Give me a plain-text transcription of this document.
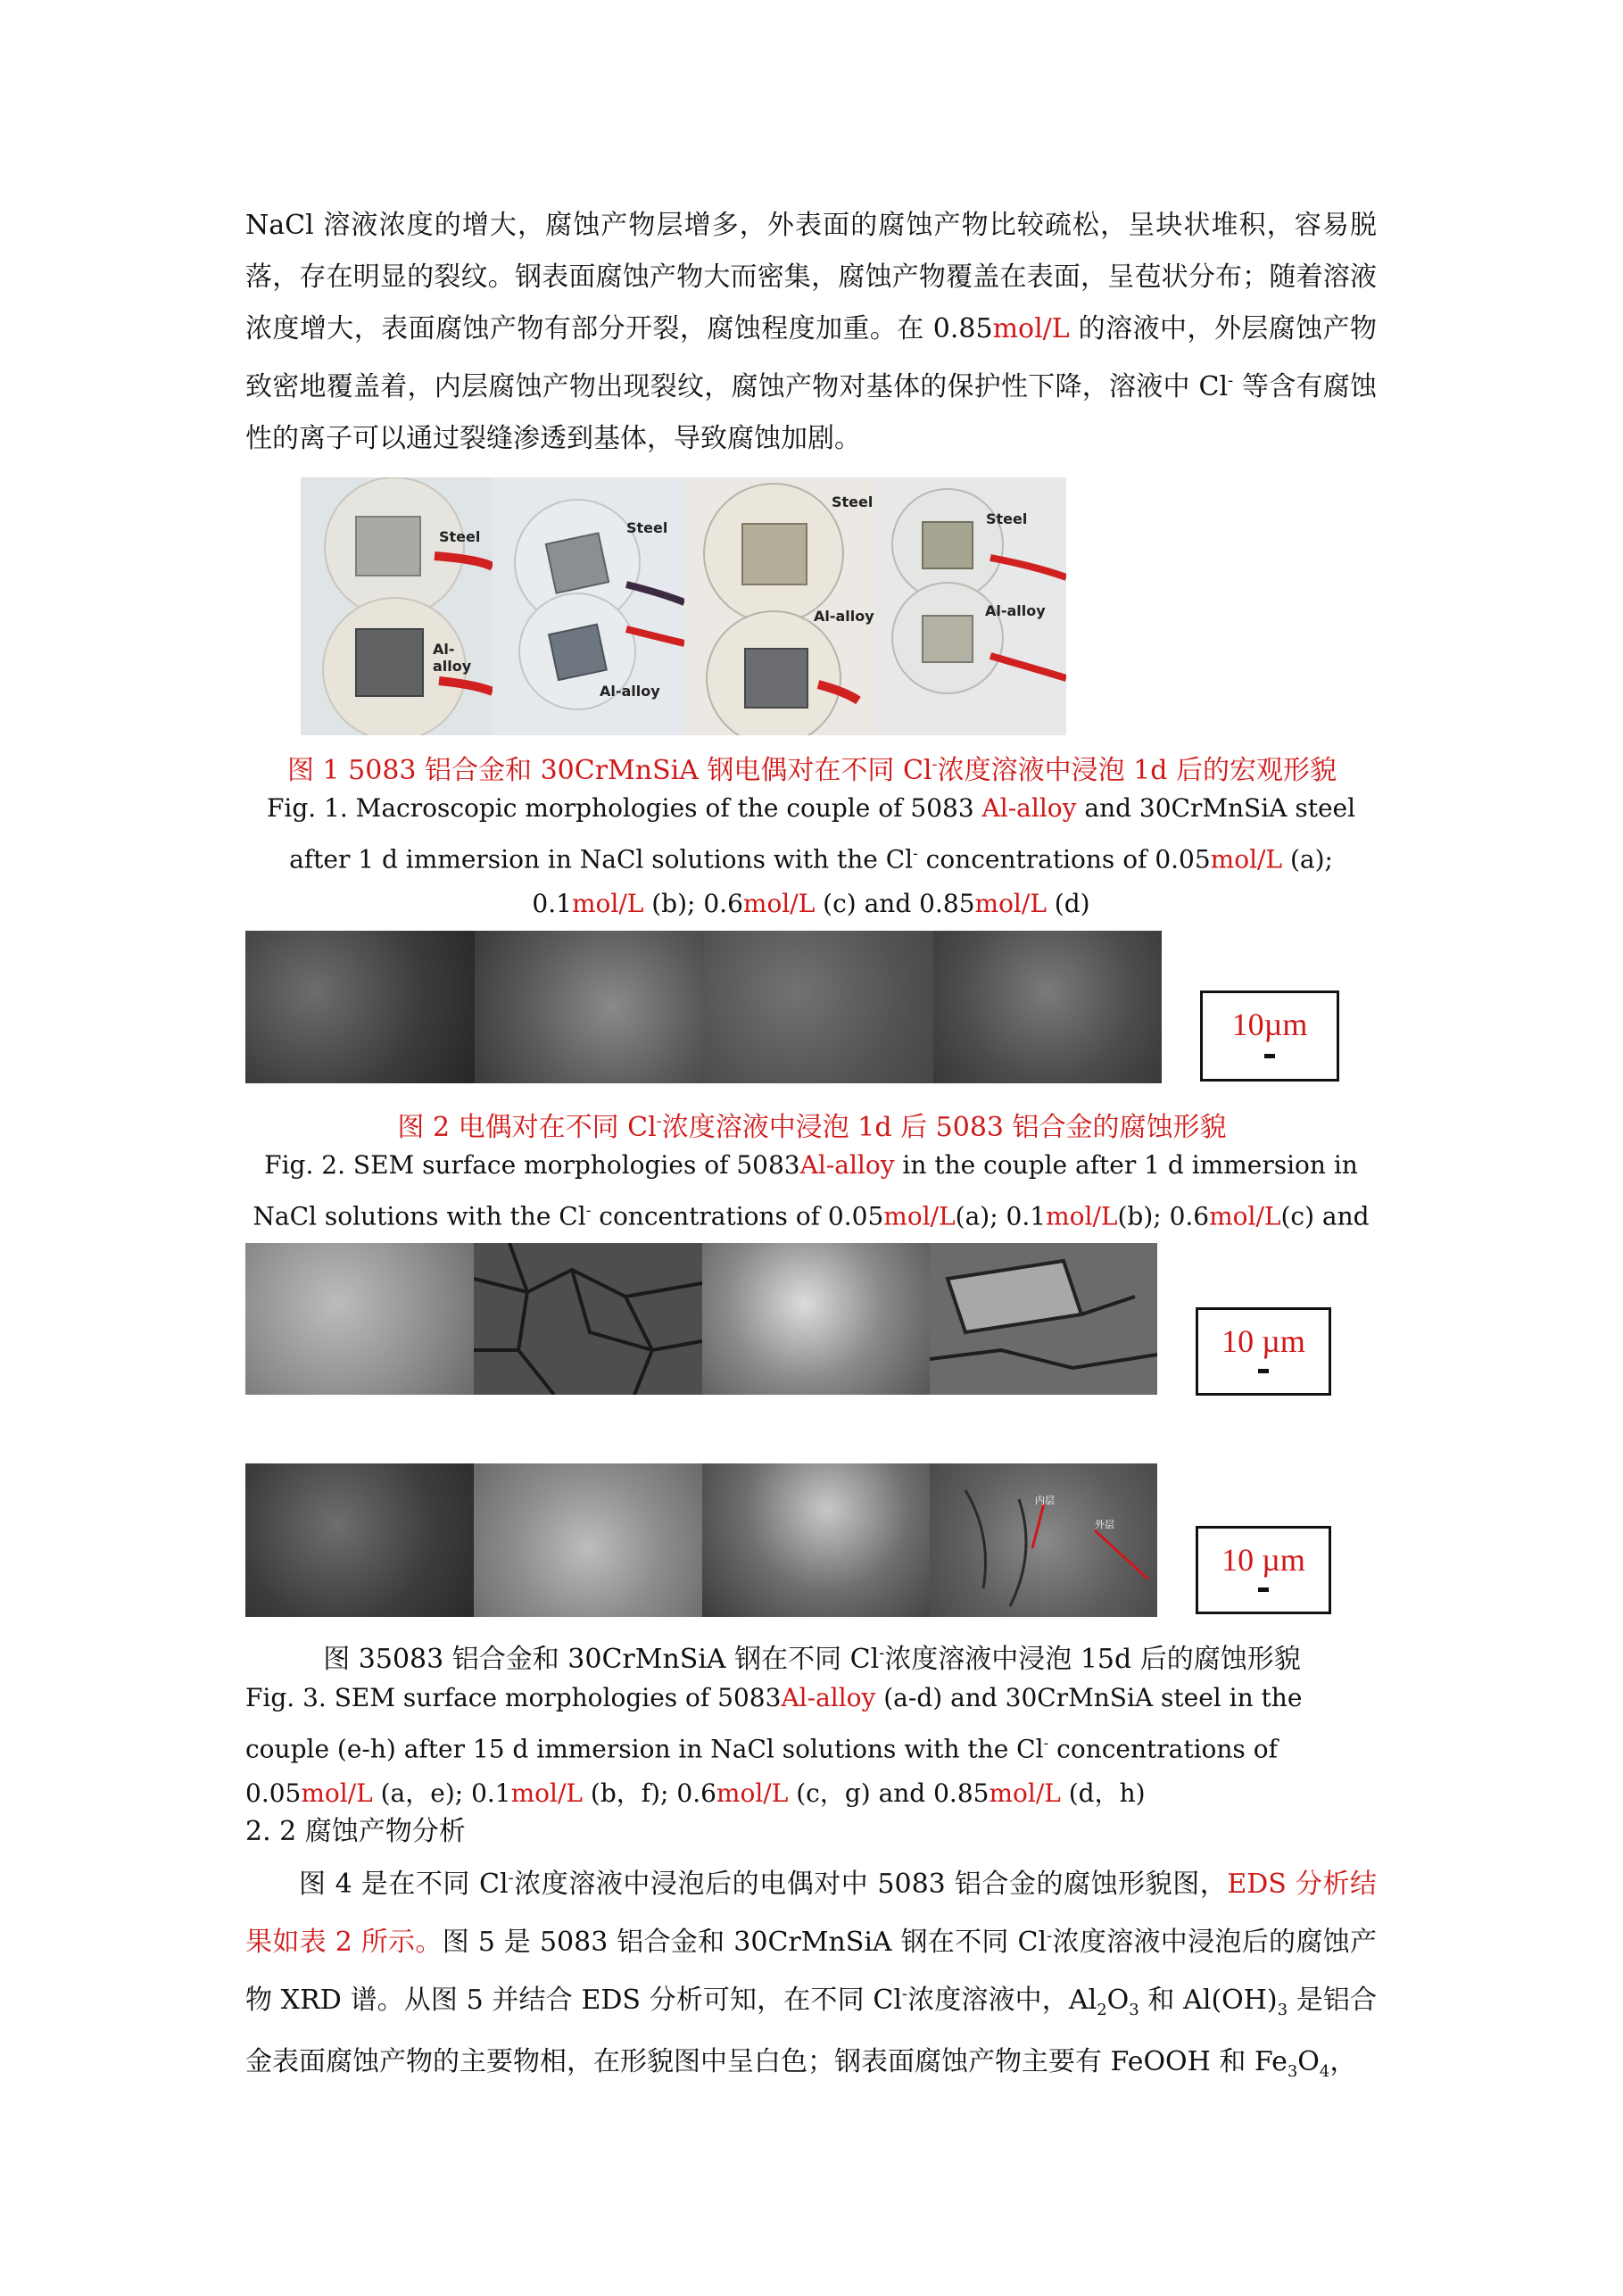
NaCl 溶液浓度的增大，腐蚀产物层增多，外表面的腐蚀产物比较疏松，呈块状堆积，容易脱落，存在明显的裂纹。钢表面腐蚀产物大而密集，腐蚀产物覆盖在表面，呈苞状分布；随着溶液浓度增大，表面腐蚀产物有部分开裂，腐蚀程度加重。在 0.85mol/L 的溶液中，外层腐蚀产物致密地覆盖着，内层腐蚀产物出现裂纹，腐蚀产物对基体的保护性下降，溶液中 Cl- 等含有腐蚀性的离子可以通过裂缝渗透到基体，导致腐蚀加剧。

Steel
Al-alloy
Steel
Al-alloy
Steel
Al-alloy
Steel
Al-alloy
图 1 5083 铝合金和 30CrMnSiA 钢电偶对在不同 Cl-浓度溶液中浸泡 1d 后的宏观形貌
Fig. 1. Macroscopic morphologies of the couple of 5083 Al-alloy and 30CrMnSiA steel after 1 d immersion in NaCl solutions with the Cl- concentrations of 0.05mol/L (a); 0.1mol/L (b); 0.6mol/L (c) and 0.85mol/L (d)
10µm
图 2 电偶对在不同 Cl-浓度溶液中浸泡 1d 后 5083 铝合金的腐蚀形貌
Fig. 2. SEM surface morphologies of 5083Al-alloy in the couple after 1 d immersion in NaCl solutions with the Cl- concentrations of 0.05mol/L(a); 0.1mol/L(b); 0.6mol/L(c) and
10 µm
内层
外层
10 µm
图 35083 铝合金和 30CrMnSiA 钢在不同 Cl-浓度溶液中浸泡 15d 后的腐蚀形貌
Fig. 3. SEM surface morphologies of 5083Al-alloy (a-d) and 30CrMnSiA steel in the couple (e-h) after 15 d immersion in NaCl solutions with the Cl- concentrations of 0.05mol/L (a，e); 0.1mol/L (b，f); 0.6mol/L (c，g) and 0.85mol/L (d，h)
2. 2 腐蚀产物分析

图 4 是在不同 Cl-浓度溶液中浸泡后的电偶对中 5083 铝合金的腐蚀形貌图，EDS 分析结果如表 2 所示。图 5 是 5083 铝合金和 30CrMnSiA 钢在不同 Cl-浓度溶液中浸泡后的腐蚀产物 XRD 谱。从图 5 并结合 EDS 分析可知，在不同 Cl-浓度溶液中，$Al_2O_3$ 和 $Al(OH)_3$ 是铝合金表面腐蚀产物的主要物相，在形貌图中呈白色；钢表面腐蚀产物主要有 FeOOH 和 $Fe_3O_4$，
